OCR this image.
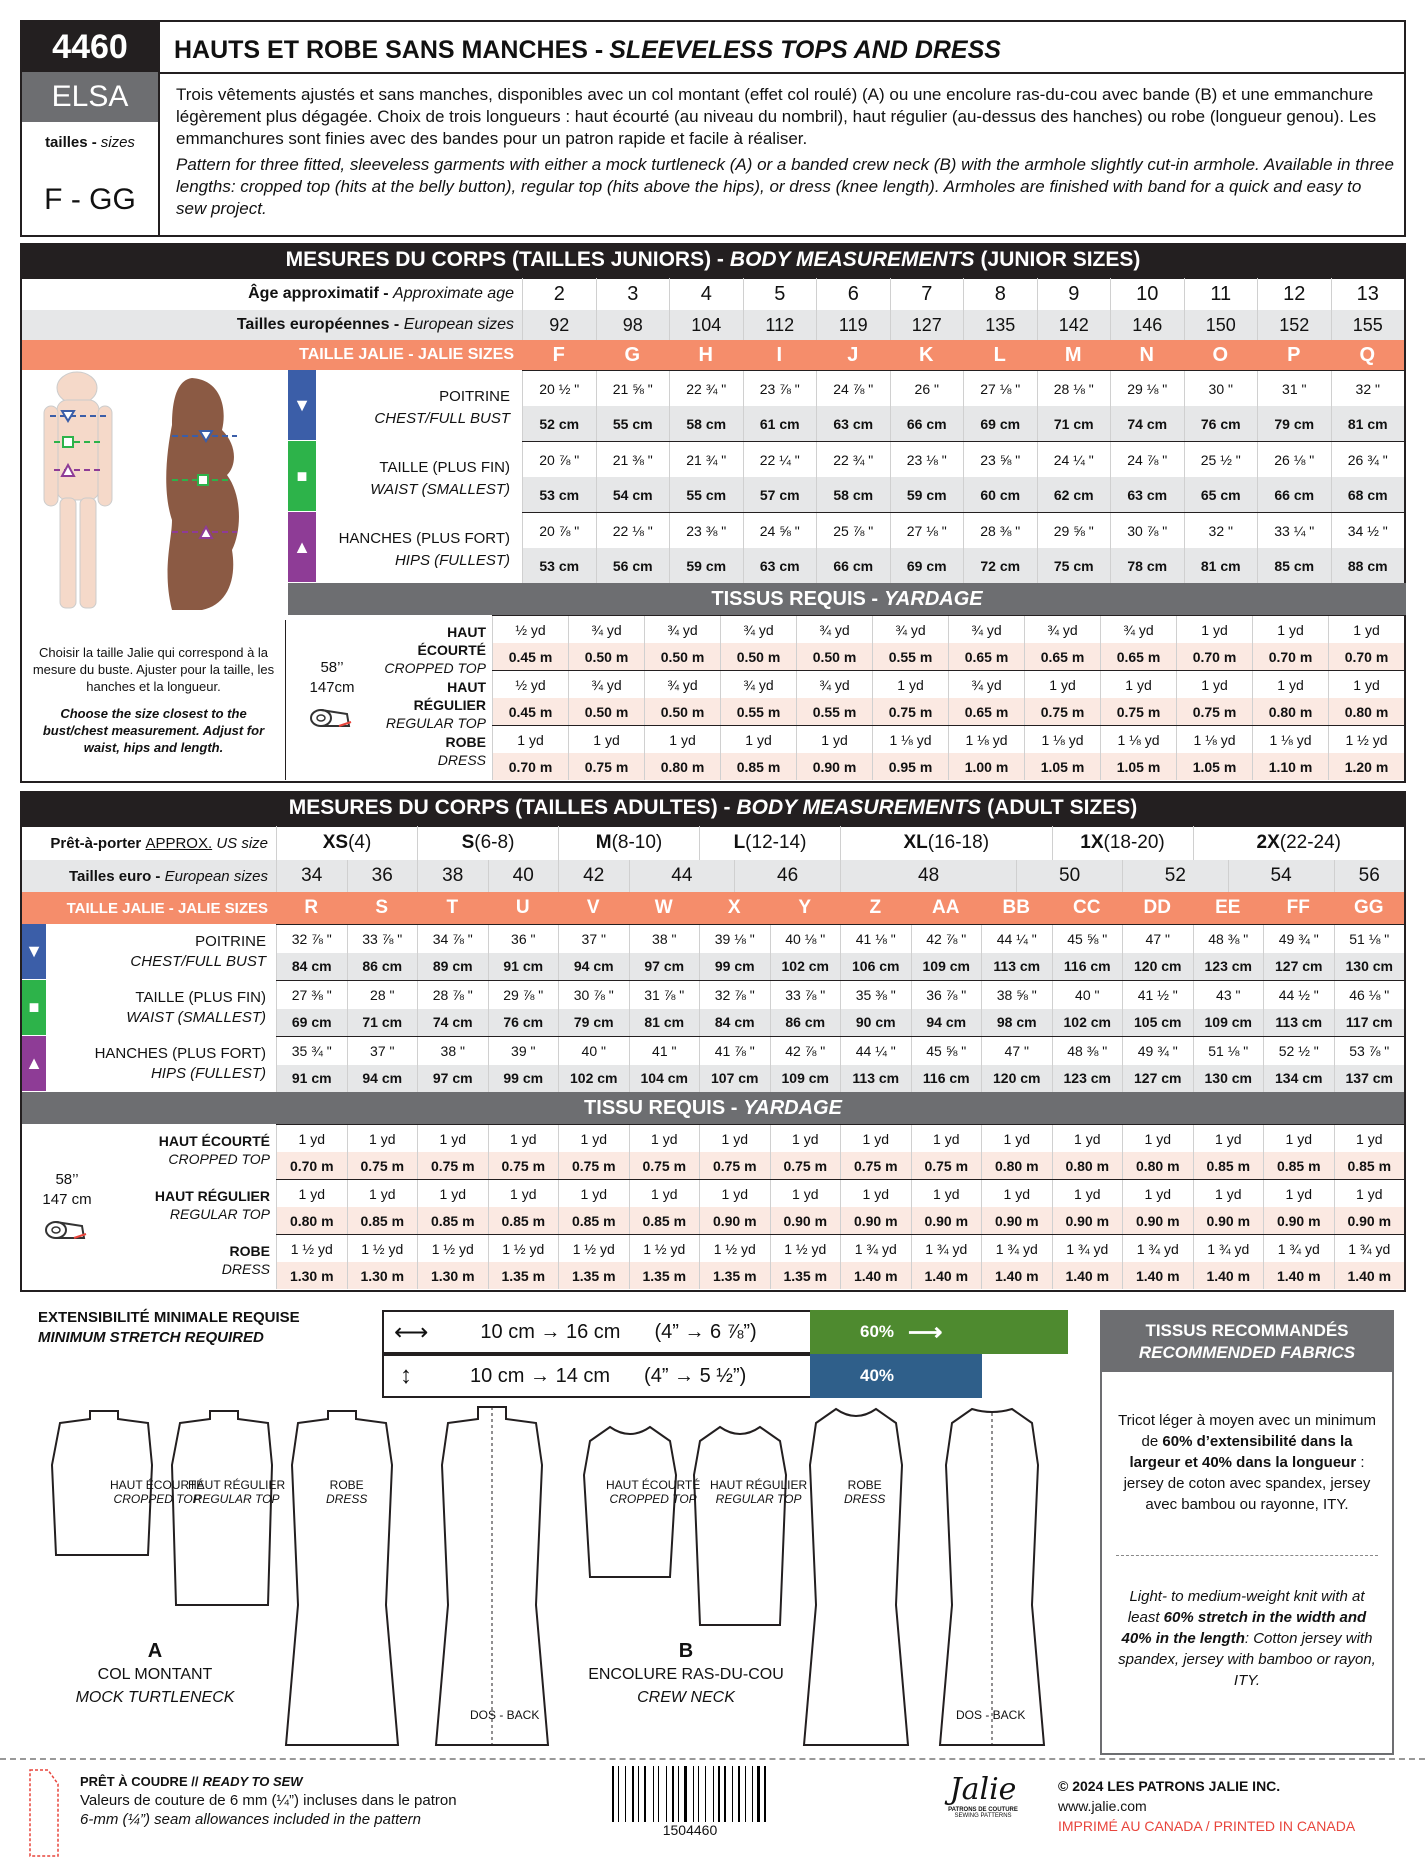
4460
ELSA
tailles - sizes
F - GG
HAUTS ET ROBE SANS MANCHES - SLEEVELESS TOPS AND DRESS

Trois vêtements ajustés et sans manches, disponibles avec un col montant (effet col roulé) (A) ou une encolure ras-du-cou avec bande (B) et une emmanchure légèrement plus dégagée. Choix de trois longueurs : haut écourté (au niveau du nombril), haut régulier (au-dessus des hanches) ou robe (longueur genou). Les emmanchures sont finies avec des bandes pour un patron rapide et facile à réaliser.

Pattern for three fitted, sleeveless garments with either a mock turtleneck (A) or a banded crew neck (B) with the armhole slightly cut-in armhole. Available in three lengths: cropped top (hits at the belly button), regular top (hits above the hips), or dress (knee length). Armholes are finished with band for a quick and easy to sew project.

MESURES DU CORPS (TAILLES JUNIORS) - BODY MEASUREMENTS (JUNIOR SIZES)
Âge approximatif -
Approximate age	2	3	4	5	6	7	8	9	10	11	12	13
Tailles européennes -
European sizes	92	98	104	112	119	127	135	142	146	150	152	155
TAILLE JALIE - JALIE SIZES	F	G	H	I	J	K	L	M	N	O	P	Q
▼	POITRINE
CHEST/FULL BUST
20 ½ "	21 ⅝ "	22 ¾ "	23 ⅞ "	24 ⅞ "	26 "	27 ⅛ "	28 ⅛ "	29 ⅛ "	30 "	31 "	32 "
52 cm	55 cm	58 cm	61 cm	63 cm	66 cm	69 cm	71 cm	74 cm	76 cm	79 cm	81 cm
■	TAILLE (PLUS FIN)
WAIST (SMALLEST)
20 ⅞ "	21 ⅜ "	21 ¾ "	22 ¼ "	22 ¾ "	23 ⅛ "	23 ⅝ "	24 ¼ "	24 ⅞ "	25 ½ "	26 ⅛ "	26 ¾ "
53 cm	54 cm	55 cm	57 cm	58 cm	59 cm	60 cm	62 cm	63 cm	65 cm	66 cm	68 cm
▲	HANCHES (PLUS FORT)
HIPS (FULLEST)
20 ⅞ "	22 ⅛ "	23 ⅜ "	24 ⅝ "	25 ⅞ "	27 ⅛ "	28 ⅜ "	29 ⅝ "	30 ⅞ "	32 "	33 ¼ "	34 ½ "
53 cm	56 cm	59 cm	63 cm	66 cm	69 cm	72 cm	75 cm	78 cm	81 cm	85 cm	88 cm
TISSUS REQUIS - YARDAGE

Choisir la taille Jalie qui correspond à la mesure du buste. Ajuster pour la taille, les hanches et la longueur.

Choose the size closest to the bust/chest measurement. Adjust for waist, hips and length.

58’’
147cm
HAUT ÉCOURTÉ
CROPPED TOP
½ yd	¾ yd	¾ yd	¾ yd	¾ yd	¾ yd	¾ yd	¾ yd	¾ yd	1 yd	1 yd	1 yd
0.45 m	0.50 m	0.50 m	0.50 m	0.50 m	0.55 m	0.65 m	0.65 m	0.65 m	0.70 m	0.70 m	0.70 m
HAUT RÉGULIER
REGULAR TOP
½ yd	¾ yd	¾ yd	¾ yd	¾ yd	1 yd	¾ yd	1 yd	1 yd	1 yd	1 yd	1 yd
0.45 m	0.50 m	0.50 m	0.55 m	0.55 m	0.75 m	0.65 m	0.75 m	0.75 m	0.75 m	0.80 m	0.80 m
ROBE
DRESS
1 yd	1 yd	1 yd	1 yd	1 yd	1 ⅛ yd	1 ⅛ yd	1 ⅛ yd	1 ⅛ yd	1 ⅛ yd	1 ⅛ yd	1 ½ yd
0.70 m	0.75 m	0.80 m	0.85 m	0.90 m	0.95 m	1.00 m	1.05 m	1.05 m	1.05 m	1.10 m	1.20 m
MESURES DU CORPS (TAILLES ADULTES) - BODY MEASUREMENTS (ADULT SIZES)
Prêt-à-porter
APPROX.
US size	XS (4)	S (6-8)	M (8-10)	L (12-14)	XL (16-18)	1X (18-20)	2X (22-24)
Tailles euro -
European sizes	34	36	38	40	42	44	46	48	50	52	54	56
TAILLE JALIE - JALIE SIZES	R	S	T	U	V	W	X	Y	Z	AA	BB	CC	DD	EE	FF	GG
▼	POITRINE
CHEST/FULL BUST
32 ⅞ "	33 ⅞ "	34 ⅞ "	36 "	37 "	38 "	39 ⅛ "	40 ⅛ "	41 ⅛ "	42 ⅞ "	44 ¼ "	45 ⅝ "	47 "	48 ⅜ "	49 ¾ "	51 ⅛ "
84 cm	86 cm	89 cm	91 cm	94 cm	97 cm	99 cm	102 cm	106 cm	109 cm	113 cm	116 cm	120 cm	123 cm	127 cm	130 cm
■	TAILLE (PLUS FIN)
WAIST (SMALLEST)
27 ⅜ "	28 "	28 ⅞ "	29 ⅞ "	30 ⅞ "	31 ⅞ "	32 ⅞ "	33 ⅞ "	35 ⅜ "	36 ⅞ "	38 ⅝ "	40 "	41 ½ "	43 "	44 ½ "	46 ⅛ "
69 cm	71 cm	74 cm	76 cm	79 cm	81 cm	84 cm	86 cm	90 cm	94 cm	98 cm	102 cm	105 cm	109 cm	113 cm	117 cm
▲	HANCHES (PLUS FORT)
HIPS (FULLEST)
35 ¾ "	37 "	38 "	39 "	40 "	41 "	41 ⅞ "	42 ⅞ "	44 ¼ "	45 ⅝ "	47 "	48 ⅜ "	49 ¾ "	51 ⅛ "	52 ½ "	53 ⅞ "
91 cm	94 cm	97 cm	99 cm	102 cm	104 cm	107 cm	109 cm	113 cm	116 cm	120 cm	123 cm	127 cm	130 cm	134 cm	137 cm
TISSU REQUIS - YARDAGE
58’’
147 cm
HAUT ÉCOURTÉ
CROPPED TOP
1 yd	1 yd	1 yd	1 yd	1 yd	1 yd	1 yd	1 yd	1 yd	1 yd	1 yd	1 yd	1 yd	1 yd	1 yd	1 yd
0.70 m	0.75 m	0.75 m	0.75 m	0.75 m	0.75 m	0.75 m	0.75 m	0.75 m	0.75 m	0.80 m	0.80 m	0.80 m	0.85 m	0.85 m	0.85 m
HAUT RÉGULIER
REGULAR TOP
1 yd	1 yd	1 yd	1 yd	1 yd	1 yd	1 yd	1 yd	1 yd	1 yd	1 yd	1 yd	1 yd	1 yd	1 yd	1 yd
0.80 m	0.85 m	0.85 m	0.85 m	0.85 m	0.85 m	0.90 m	0.90 m	0.90 m	0.90 m	0.90 m	0.90 m	0.90 m	0.90 m	0.90 m	0.90 m
ROBE
DRESS
1 ½ yd	1 ½ yd	1 ½ yd	1 ½ yd	1 ½ yd	1 ½ yd	1 ½ yd	1 ½ yd	1 ¾ yd	1 ¾ yd	1 ¾ yd	1 ¾ yd	1 ¾ yd	1 ¾ yd	1 ¾ yd	1 ¾ yd
1.30 m	1.30 m	1.30 m	1.35 m	1.35 m	1.35 m	1.35 m	1.35 m	1.40 m	1.40 m	1.40 m	1.40 m	1.40 m	1.40 m	1.40 m	1.40 m
EXTENSIBILITÉ MINIMALE REQUISE
MINIMUM STRETCH REQUIRED	⟷	10 cm → 16 cm (4” → 6 ⅞”)	60% ⟶
↕	10 cm → 14 cm (4” → 5 ½”)	40%
TISSUS RECOMMANDÉS
RECOMMENDED FABRICS
Tricot léger à moyen avec un minimum de 60% d’extensibilité dans la largeur et 40% dans la longueur : jersey de coton avec spandex, jersey avec bambou ou rayonne, ITY.
Light- to medium-weight knit with at least 60% stretch in the width and 40% in the length: Cotton jersey with spandex, jersey with bamboo or rayon, ITY.
HAUT ÉCOURTÉ
CROPPED TOP
HAUT RÉGULIER
REGULAR TOP
ROBE
DRESS
DOS - BACK
HAUT ÉCOURTÉ
CROPPED TOP
HAUT RÉGULIER
REGULAR TOP
ROBE
DRESS
DOS - BACK
A
COL MONTANT
MOCK TURTLENECK
B
ENCOLURE RAS-DU-COU
CREW NECK
PRÊT À COUDRE // READY TO SEW
Valeurs de couture de 6 mm (¼”) incluses dans le patron
6-mm (¼”) seam allowances included in the pattern
1504460
Jalie
PATRONS DE COUTURE
SEWING PATTERNS
© 2024 LES PATRONS JALIE INC.
www.jalie.com
IMPRIMÉ AU CANADA / PRINTED IN CANADA
